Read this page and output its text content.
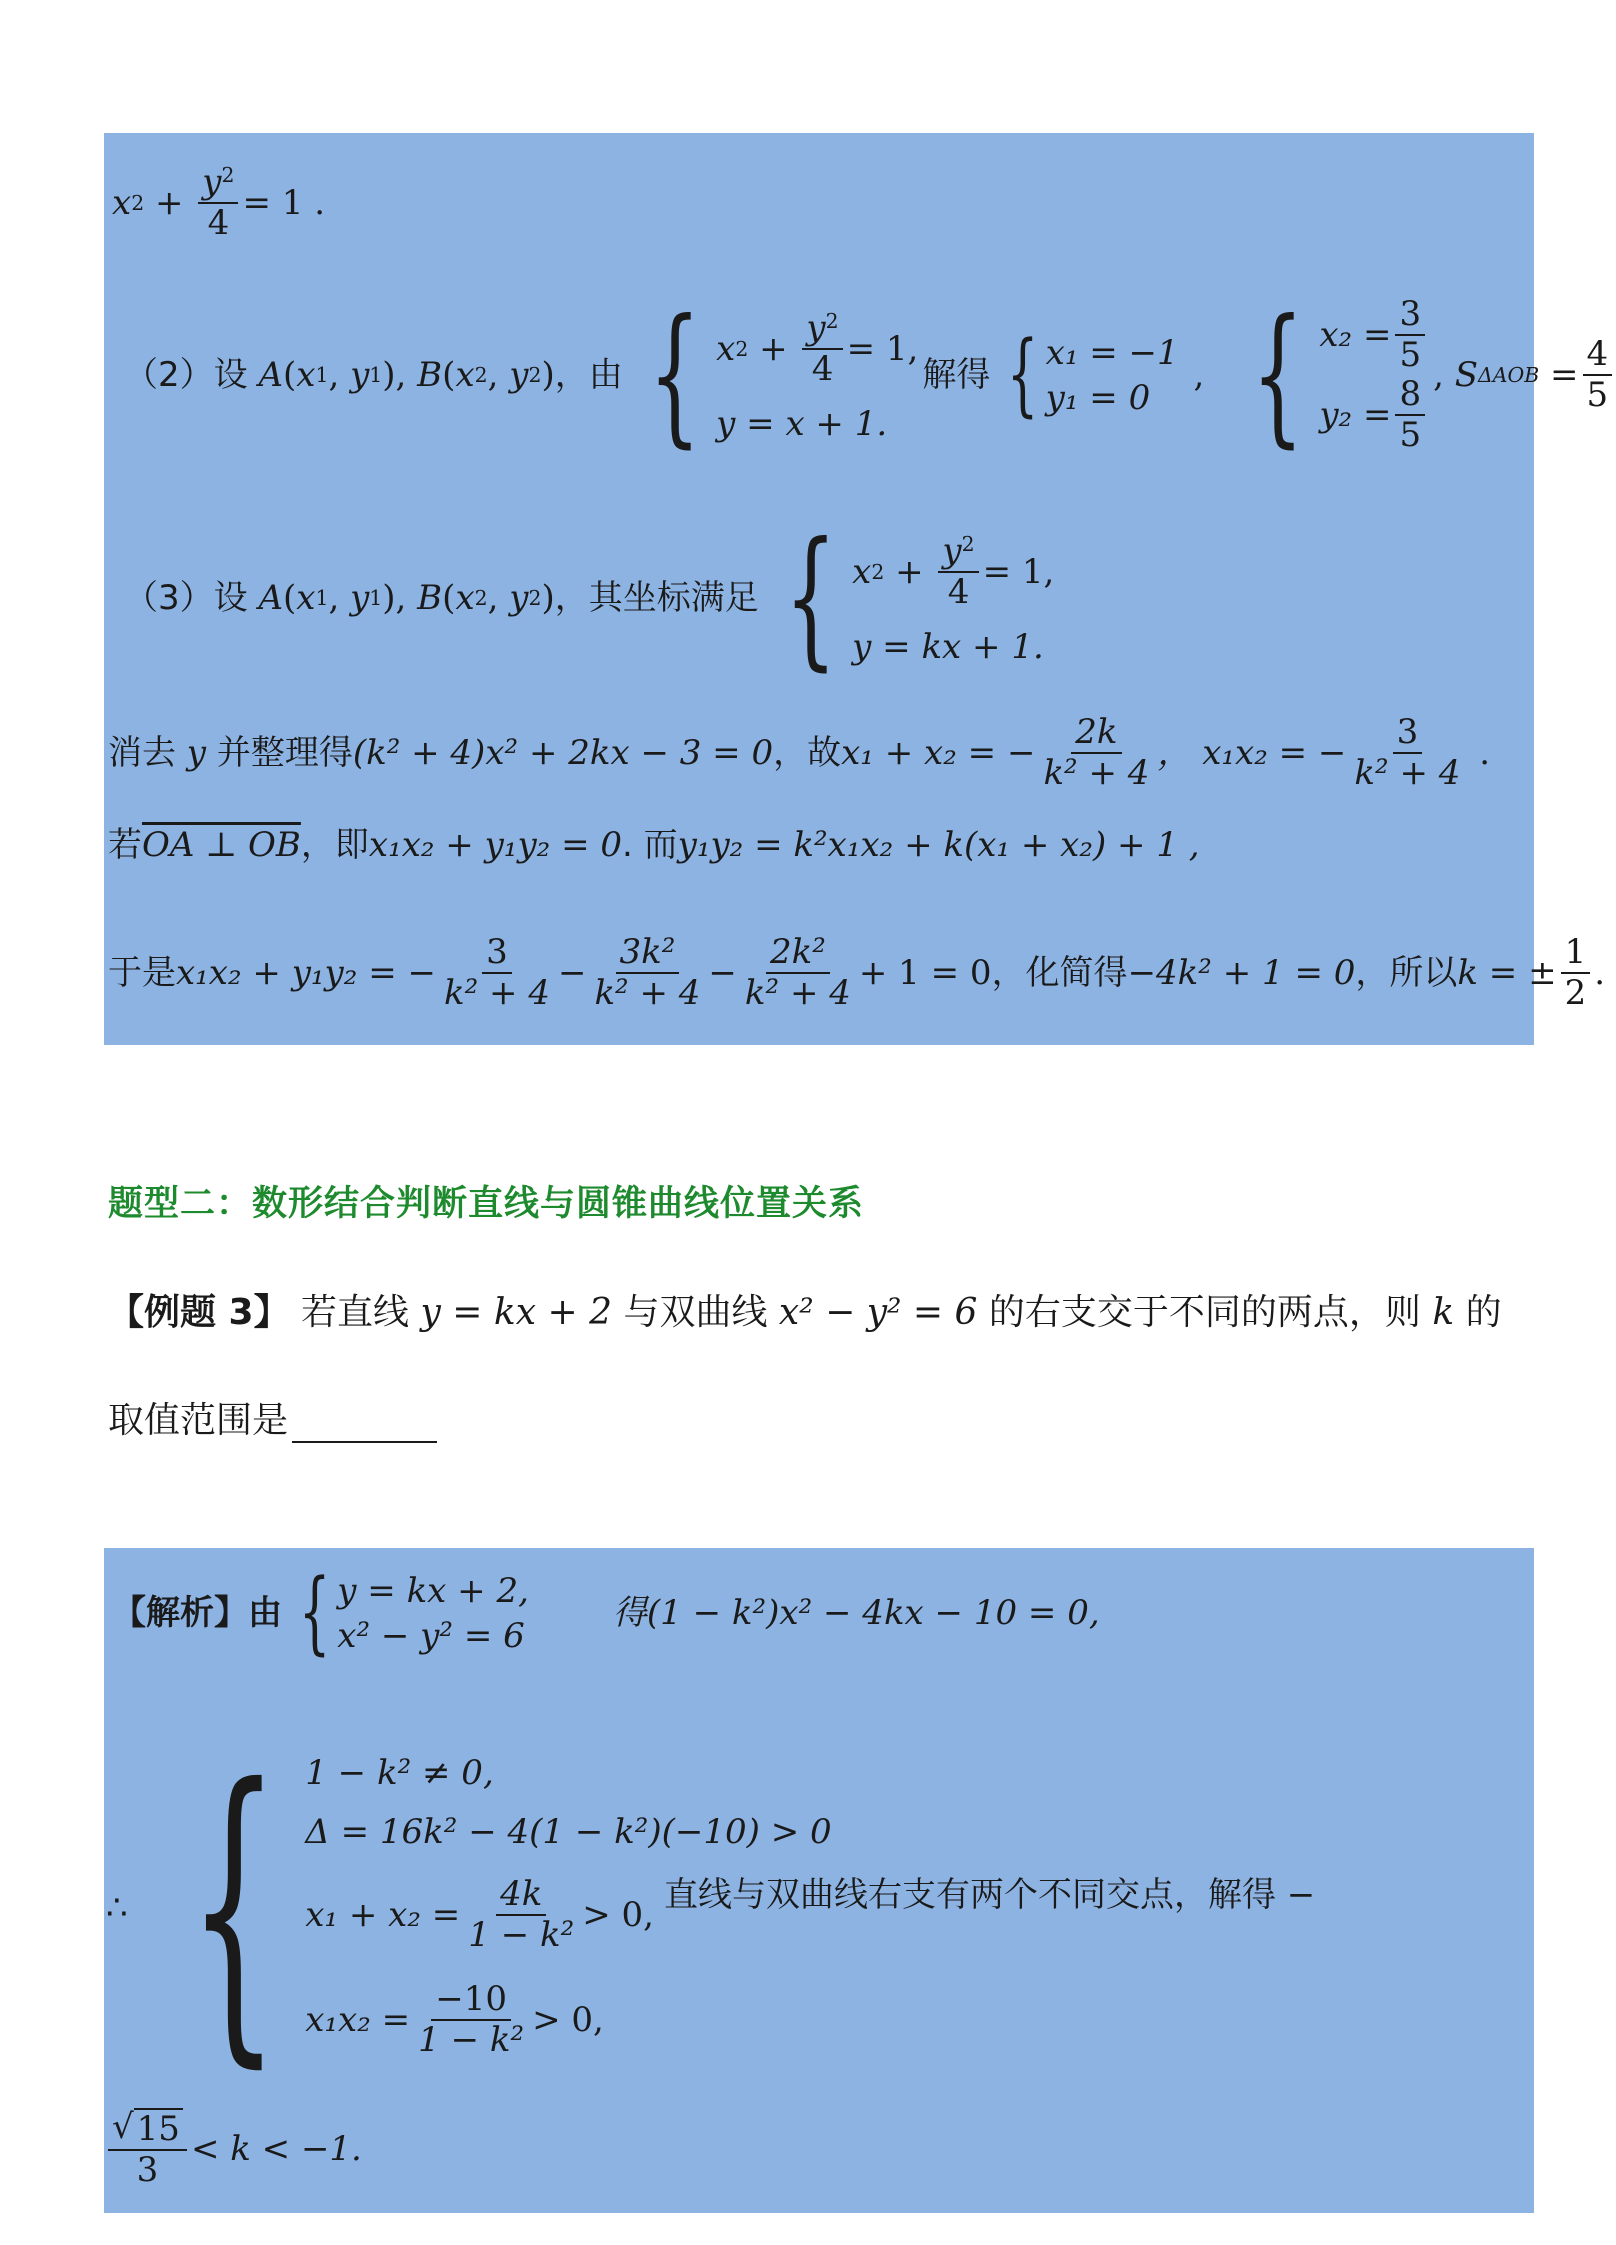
x $2 + \frac{y^2}{4} = 1$ .
（2）设 A ( x 1 , y 1 ), B ( x 2 , y 2 ) ，由 { x $2 + \frac{y^2}{4} = 1$,
y = x + 1.
解得 { x₁ = −1
y₁ = 0
, { $x_2 = \frac{3}{5}$
$y_2 = \frac{8}{5}$ , S $\Delta AOB = \frac{4}{5}$
（3）设 A ( x 1 , y 1 ), B ( x 2 , y 2 ) ，其坐标满足 { x $2 + \frac{y^2}{4} = 1$,
y = kx + 1.
消去 y 并整理得 (k² + 4)x² + 2kx − 3 = 0 ，故 x₁ + x₂ = − $\frac{2k}{\text{k² + 4}}$ ， x₁x₂ = − $\frac{3}{\text{k² + 4}}$ .
若 OA ⊥ OB ，即 x₁x₂ + y₁y₂ = 0 . 而 y₁y₂ = k²x₁x₂ + k(x₁ + x₂) + 1 ,
于是 x₁x₂ + y₁y₂ = − $\frac{3}{\text{k² + 4}} - \frac{\text{3k²}}{\text{k² + 4}} - \frac{\text{2k²}}{\text{k² + 4}} + 1 = 0$ ，化简得 −4k² + 1 = 0 ，所以 k = ± $\frac{1}{2}$ .
题型二：数形结合判断直线与圆锥曲线位置关系
【例题 3】 若直线 y = kx + 2 与双曲线 x² − y² = 6 的右支交于不同的两点，则 k 的
取值范围是
【解析】由 { y = kx + 2,
x² − y² = 6
得(1 − k²)x² − 4kx − 10 = 0,
∴ { 1 − k² ≠ 0,
Δ = 16k² − 4(1 − k²)(−10) > 0
$x_1 + x_2 = \frac{4k}{\text{1 − k²}} > 0$,
$x_1x_2 = \frac{-10}{\text{1 − k²}} > 0$,
直线与双曲线右支有两个不同交点，解得 −
$\frac{√ 15}{3} < k < -1$.
